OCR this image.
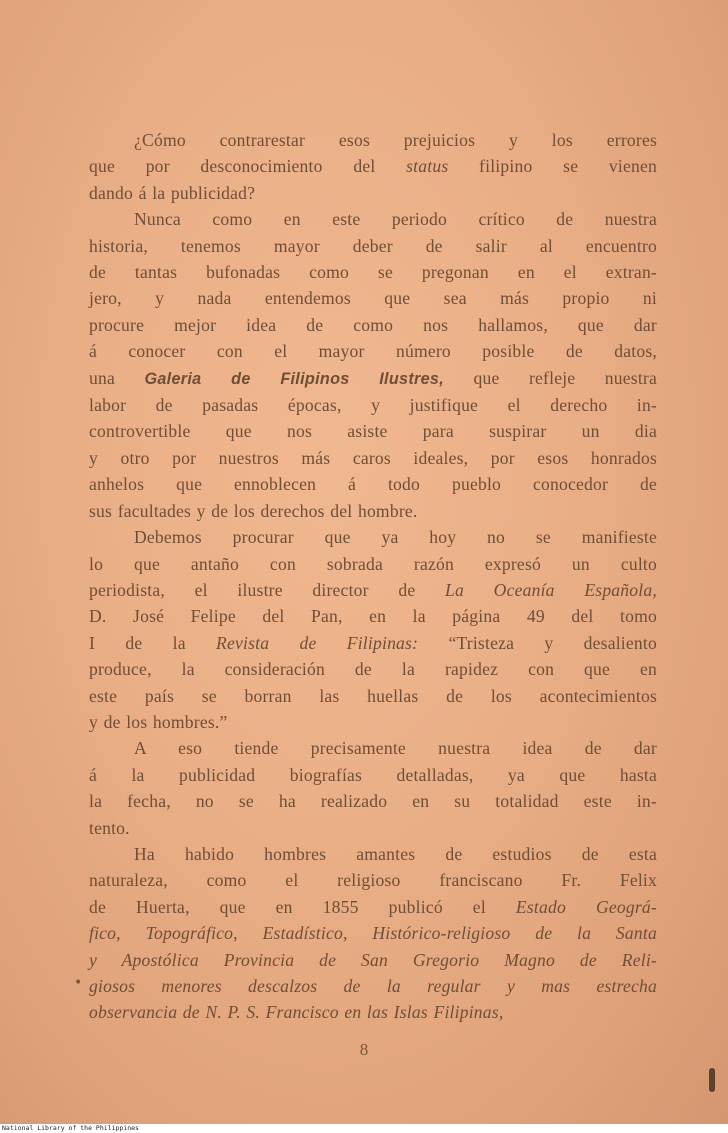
¿Cómo contrarestar esos prejuicios y los errores
que por desconocimiento del status filipino se vienen
dando á la publicidad?

Nunca como en este periodo crítico de nuestra
historia, tenemos mayor deber de salir al encuentro
de tantas bufonadas como se pregonan en el extran-
jero, y nada entendemos que sea más propio ni
procure mejor idea de como nos hallamos, que dar
á conocer con el mayor número posible de datos,
una Galeria de Filipinos Ilustres, que refleje nuestra
labor de pasadas épocas, y justifique el derecho in-
controvertible que nos asiste para suspirar un dia
y otro por nuestros más caros ideales, por esos honrados
anhelos que ennoblecen á todo pueblo conocedor de
sus facultades y de los derechos del hombre.

Debemos procurar que ya hoy no se manifieste
lo que antaño con sobrada razón expresó un culto
periodista, el ilustre director de La Oceanía Española,
D. José Felipe del Pan, en la página 49 del tomo
I de la Revista de Filipinas: “Tristeza y desaliento
produce, la consideración de la rapidez con que en
este país se borran las huellas de los acontecimientos
y de los hombres.”

A eso tiende precisamente nuestra idea de dar
á la publicidad biografías detalladas, ya que hasta
la fecha, no se ha realizado en su totalidad este in-
tento.

Ha habido hombres amantes de estudios de esta
naturaleza, como el religioso franciscano Fr. Felix
de Huerta, que en 1855 publicó el Estado Geográ-
fico, Topográfico, Estadístico, Histórico-religioso de la Santa
y Apostólica Provincia de San Gregorio Magno de Reli-
giosos menores descalzos de la regular y mas estrecha
observancia de N. P. S. Francisco en las Islas Filipinas,

•
8
National Library of the Philippines
